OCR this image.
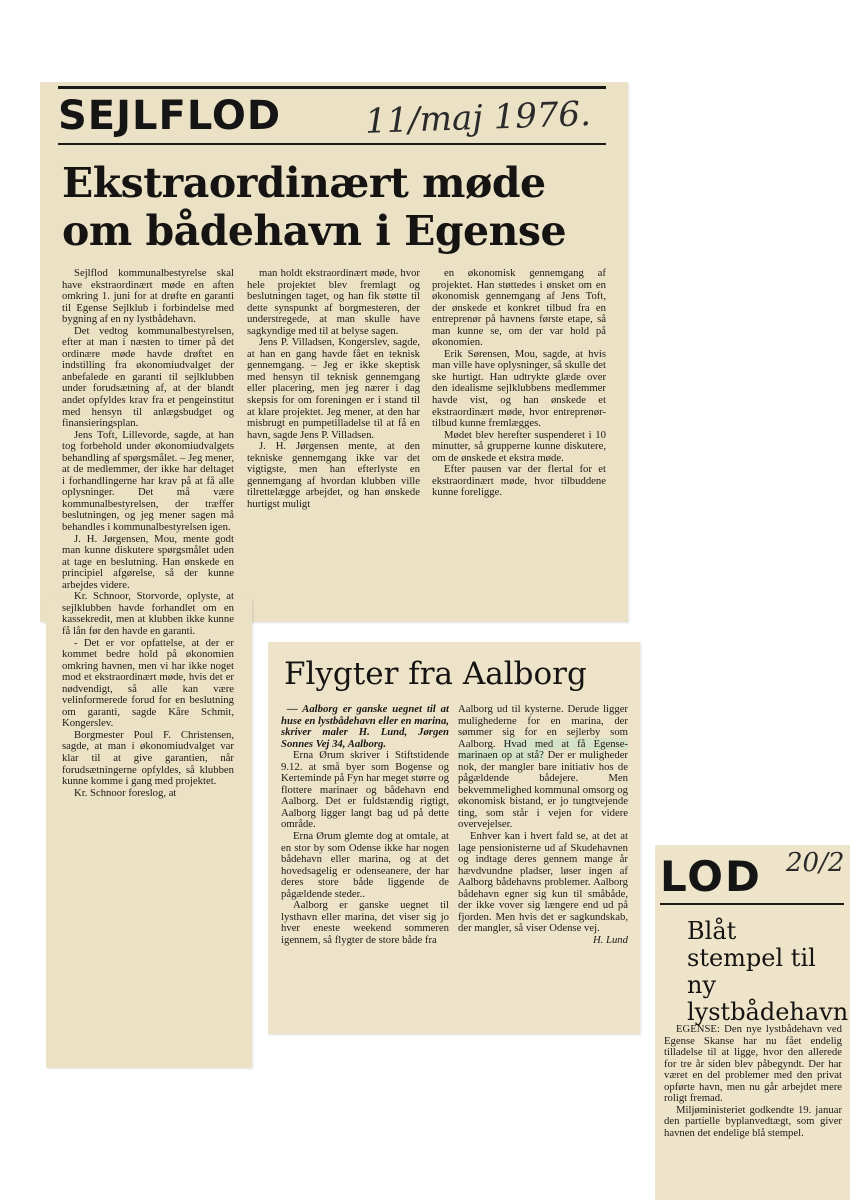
SEJLFLOD 11/maj 1976.
Ekstraordinært møde
om bådehavn i Egense

Sejlflod kommunalbestyrelse skal have ekstraordinært møde en aften omkring 1. juni for at drøfte en garanti til Egense Sejlklub i forbindelse med bygning af en ny lystbådehavn.

Det vedtog kommunalbestyrelsen, efter at man i næsten to timer på det ordinære møde havde drøftet en indstilling fra økonomiudvalget der anbefalede en garanti til sejlklubben under forudsætning af, at der blandt andet opfyldes krav fra et pengeinstitut med hensyn til anlægsbudget og finansieringsplan.

Jens Toft, Lillevorde, sagde, at han tog forbehold under økonomiudvalgets behandling af spørgsmålet. – Jeg mener, at de medlemmer, der ikke har deltaget i forhandlingerne har krav på at få alle oplysninger. Det må være kommunalbestyrelsen, der træffer beslutningen, og jeg mener sagen må behandles i kommunalbestyrelsen igen.

J. H. Jørgensen, Mou, mente godt man kunne diskutere spørgsmålet uden at tage en beslutning. Han ønskede en principiel afgørelse, så der kunne arbejdes videre.

Kr. Schnoor, Storvorde, oplyste, at sejlklubben havde forhandlet om en kassekredit, men at klubben ikke kunne få lån før den havde en garanti.

- Det er vor opfattelse, at der er kommet bedre hold på økonomien omkring havnen, men vi har ikke noget mod et ekstraordinært møde, hvis det er nødvendigt, så alle kan være velinformerede forud for en beslutning om garanti, sagde Kåre Schmit, Kongerslev.

Borgmester Poul F. Christensen, sagde, at man i økonomiudvalget var klar til at give garantien, når forudsætningerne opfyldes, så klubben kunne komme i gang med projektet.

Kr. Schnoor foreslog, at

man holdt ekstraordinært møde, hvor hele projektet blev fremlagt og beslutningen taget, og han fik støtte til dette synspunkt af borgmesteren, der understregede, at man skulle have sagkyndige med til at belyse sagen.

Jens P. Villadsen, Kongerslev, sagde, at han en gang havde fået en teknisk gennemgang. – Jeg er ikke skeptisk med hensyn til teknisk gennemgang eller placering, men jeg nærer i dag skepsis for om foreningen er i stand til at klare projektet. Jeg mener, at den har misbrugt en pumpetilladelse til at få en havn, sagde Jens P. Villadsen.

J. H. Jørgensen mente, at den tekniske gennemgang ikke var det vigtigste, men han efterlyste en gennemgang af hvordan klubben ville tilrettelægge arbejdet, og han ønskede hurtigst muligt

en økonomisk gennemgang af projektet. Han støttedes i ønsket om en økonomisk gennemgang af Jens Toft, der ønskede et konkret tilbud fra en entreprenør på havnens første etape, så man kunne se, om der var hold på økonomien.

Erik Sørensen, Mou, sagde, at hvis man ville have oplysninger, så skulle det ske hurtigt. Han udtrykte glæde over den idealisme sejlklubbens medlemmer havde vist, og han ønskede et ekstraordinært møde, hvor entreprenør-tilbud kunne fremlægges.

Mødet blev herefter suspenderet i 10 minutter, så grupperne kunne diskutere, om de ønskede et ekstra møde.

Efter pausen var der flertal for et ekstraordinært møde, hvor tilbuddene kunne foreligge.

Flygter fra Aalborg

— Aalborg er ganske uegnet til at huse en lystbådehavn eller en marina, skriver maler H. Lund, Jørgen Sonnes Vej 34, Aalborg.

Erna Ørum skriver i Stiftstidende 9.12. at små byer som Bogense og Kerteminde på Fyn har meget større og flottere marinaer og bådehavn end Aalborg. Det er fuldstændig rigtigt, Aalborg ligger langt bag ud på dette område.

Erna Ørum glemte dog at omtale, at en stor by som Odense ikke har nogen bådehavn eller marina, og at det hovedsagelig er odenseanere, der har deres store både liggende de pågældende steder..

Aalborg er ganske uegnet til lysthavn eller marina, det viser sig jo hver eneste weekend sommeren igennem, så flygter de store både fra

Aalborg ud til kysterne. Derude ligger mulighederne for en marina, der sømmer sig for en sejlerby som Aalborg. Hvad med at få Egense-marinaen op at stå? Der er muligheder nok, der mangler bare initiativ hos de pågældende bådejere. Men bekvemmelighed kommunal omsorg og økonomisk bistand, er jo tungtvejende ting, som står i vejen for videre overvejelser.

Enhver kan i hvert fald se, at det at lage pensionisterne ud af Skudehavnen og indtage deres gennem mange år hævdvundne pladser, løser ingen af Aalborg bådehavns problemer. Aalborg bådehavn egner sig kun til småbåde, der ikke vover sig længere end ud på fjorden. Men hvis det er sagkundskab, der mangler, så viser Odense vej.

H. Lund
LOD 20/2
Blåt stempel til ny lystbådehavn

EGENSE: Den nye lystbådehavn ved Egense Skanse har nu fået endelig tilladelse til at ligge, hvor den allerede for tre år siden blev påbegyndt. Der har været en del problemer med den privat opførte havn, men nu går arbejdet mere roligt fremad.

Miljøministeriet godkendte 19. januar den partielle byplanvedtægt, som giver havnen det endelige blå stempel.
